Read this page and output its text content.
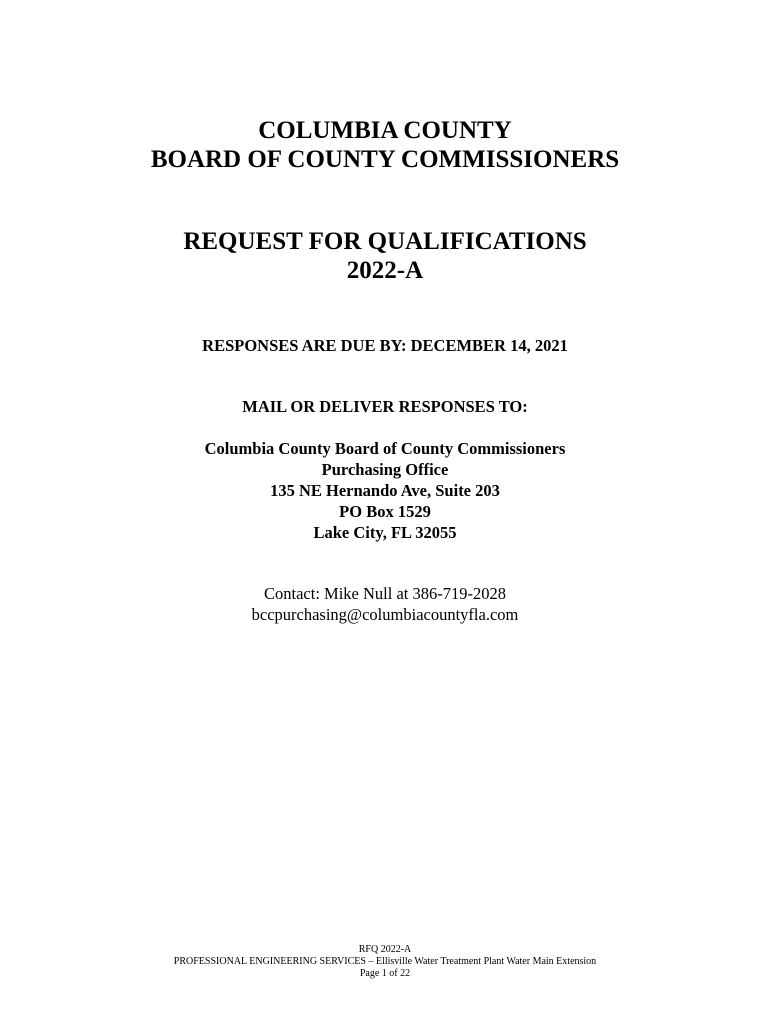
COLUMBIA COUNTY
BOARD OF COUNTY COMMISSIONERS
REQUEST FOR QUALIFICATIONS
2022-A
RESPONSES ARE DUE BY: DECEMBER 14, 2021
MAIL OR DELIVER RESPONSES TO:
Columbia County Board of County Commissioners
Purchasing Office
135 NE Hernando Ave, Suite 203
PO Box 1529
Lake City, FL 32055
Contact: Mike Null at 386-719-2028
bccpurchasing@columbiacountyfla.com
RFQ 2022-A
PROFESSIONAL ENGINEERING SERVICES – Ellisville Water Treatment Plant Water Main Extension
Page 1 of 22
